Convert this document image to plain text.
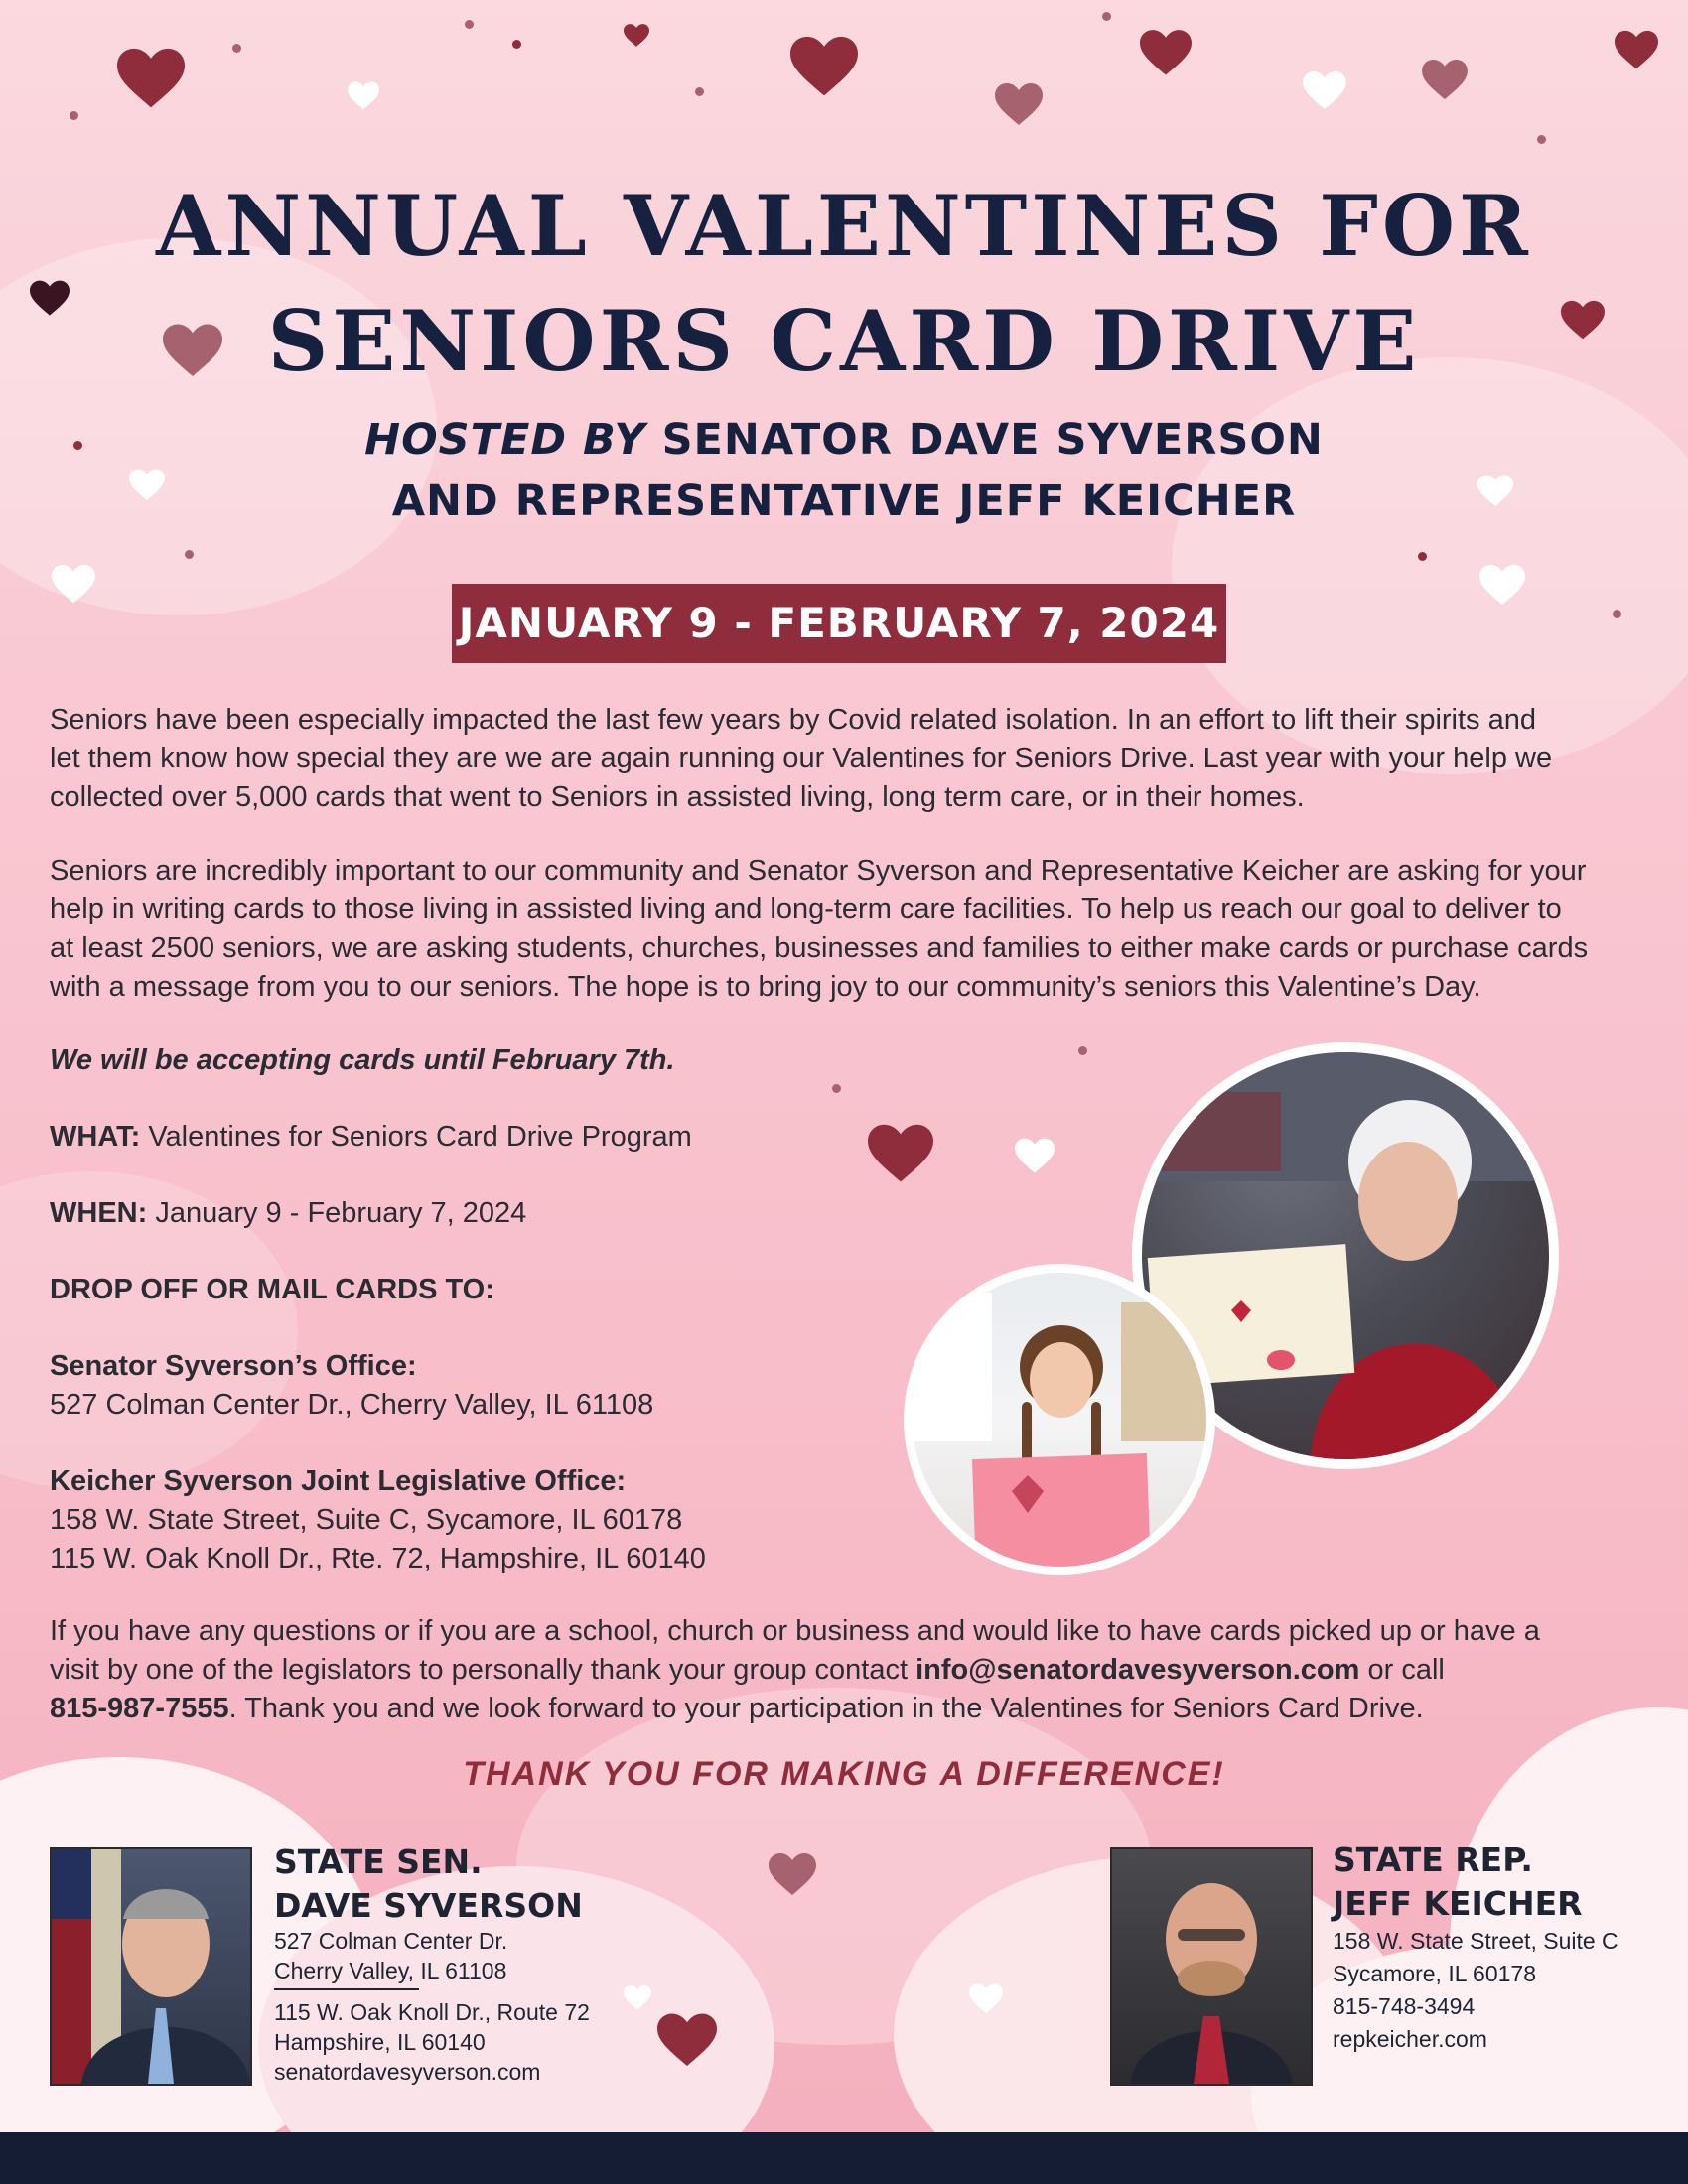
ANNUAL VALENTINES FOR
SENIORS CARD DRIVE
HOSTED BY SENATOR DAVE SYVERSON
AND REPRESENTATIVE JEFF KEICHER
JANUARY 9 - FEBRUARY 7, 2024
Seniors have been especially impacted the last few years by Covid related isolation. In an effort to lift their spirits and
let them know how special they are we are again running our Valentines for Seniors Drive. Last year with your help we
collected over 5,000 cards that went to Seniors in assisted living, long term care, or in their homes.
Seniors are incredibly important to our community and Senator Syverson and Representative Keicher are asking for your
help in writing cards to those living in assisted living and long-term care facilities. To help us reach our goal to deliver to
at least 2500 seniors, we are asking students, churches, businesses and families to either make cards or purchase cards
with a message from you to our seniors. The hope is to bring joy to our community’s seniors this Valentine’s Day.
We will be accepting cards until February 7th.
WHAT: Valentines for Seniors Card Drive Program
WHEN: January 9 - February 7, 2024
DROP OFF OR MAIL CARDS TO:
Senator Syverson’s Office:
527 Colman Center Dr., Cherry Valley, IL 61108
Keicher Syverson Joint Legislative Office:
158 W. State Street, Suite C, Sycamore, IL 60178
115 W. Oak Knoll Dr., Rte. 72, Hampshire, IL 60140
If you have any questions or if you are a school, church or business and would like to have cards picked up or have a
visit by one of the legislators to personally thank your group contact info@senatordavesyverson.com or call
815-987-7555. Thank you and we look forward to your participation in the Valentines for Seniors Card Drive.
THANK YOU FOR MAKING A DIFFERENCE!
STATE SEN.
DAVE SYVERSON
527 Colman Center Dr.
Cherry Valley, IL 61108
115 W. Oak Knoll Dr., Route 72
Hampshire, IL 60140
senatordavesyverson.com
STATE REP.
JEFF KEICHER
158 W. State Street, Suite C
Sycamore, IL 60178
815-748-3494
repkeicher.com
